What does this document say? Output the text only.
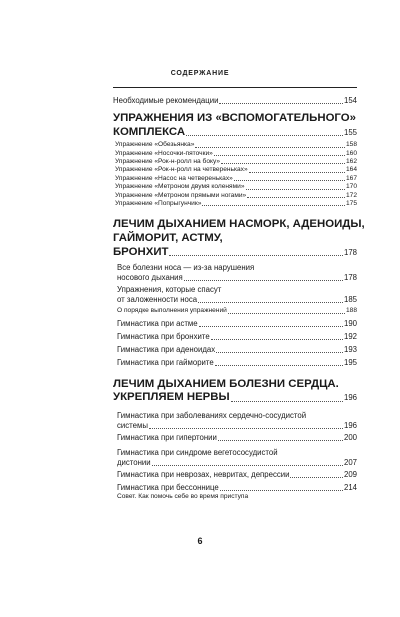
СОДЕРЖАНИЕ
Необходимые рекомендации	154
УПРАЖНЕНИЯ ИЗ «ВСПОМОГАТЕЛЬНОГО»
КОМПЛЕКСА	155
Упражнение «Обезьянка»	158
Упражнение «Носочки-пяточки»	160
Упражнение «Рок-н-ролл на боку»	162
Упражнение «Рок-н-ролл на четвереньках»	164
Упражнение «Насос на четвереньках»	167
Упражнение «Метроном двумя коленями»	170
Упражнение «Метроном прямыми ногами»	172
Упражнение «Попрыгунчик»	175
ЛЕЧИМ ДЫХАНИЕМ НАСМОРК, АДЕНОИДЫ,
ГАЙМОРИТ, АСТМУ,
БРОНХИТ	178
Все болезни носа — из-за нарушения
носового дыхания	178
Упражнения, которые спасут
от заложенности носа	185
О порядке выполнения упражнений	188
Гимнастика при астме	190
Гимнастика при бронхите	192
Гимнастика при аденоидах	193
Гимнастика при гайморите	195
ЛЕЧИМ ДЫХАНИЕМ БОЛЕЗНИ СЕРДЦА.
УКРЕПЛЯЕМ НЕРВЫ	196
Гимнастика при заболеваниях сердечно-сосудистой
системы	196
Гимнастика при гипертонии	200
Гимнастика при синдроме вегетососудистой
дистонии	207
Гимнастика при неврозах, невритах, депрессии	209
Гимнастика при бессоннице	214
Совет. Как помочь себе во время приступа
6
